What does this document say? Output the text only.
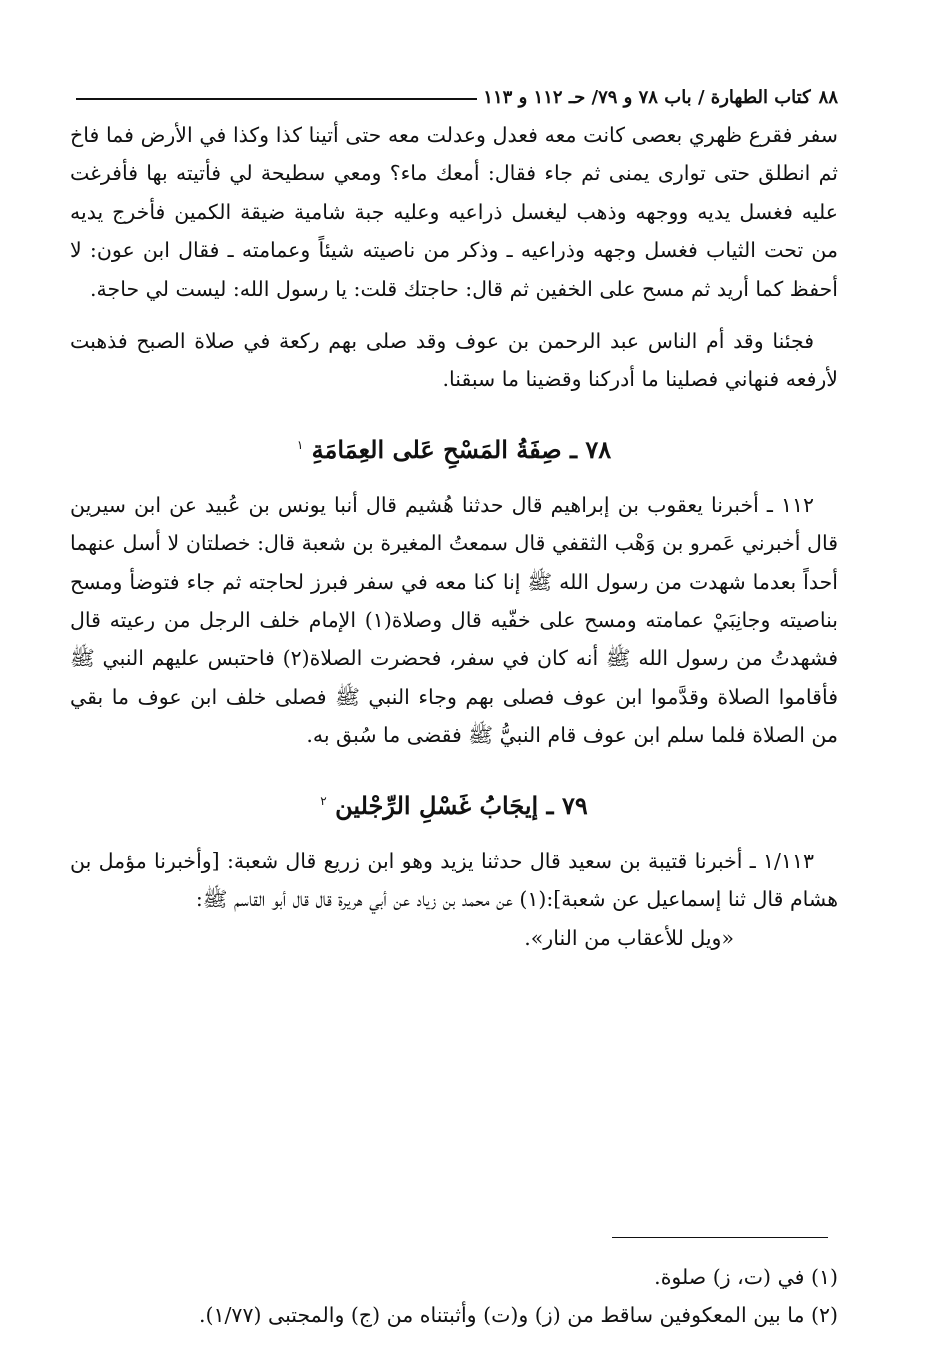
٨٨
كتاب الطهارة / باب ٧٨ و ٧٩/ حـ ١١٢ و ١١٣

سفر فقرع ظهري بعصى كانت معه فعدل وعدلت معه حتى أتينا كذا وكذا في الأرض فما فاخ ثم انطلق حتى توارى يمنى ثم جاء فقال: أمعك ماء؟ ومعي سطيحة لي فأتيته بها فأفرغت عليه فغسل يديه ووجهه وذهب ليغسل ذراعيه وعليه جبة شامية ضيقة الكمين فأخرج يديه من تحت الثياب فغسل وجهه وذراعيه ـ وذكر من ناصيته شيئاً وعمامته ـ فقال ابن عون: لا أحفظ كما أريد ثم مسح على الخفين ثم قال: حاجتك قلت: يا رسول الله: ليست لي حاجة.

فجئنا وقد أم الناس عبد الرحمن بن عوف وقد صلى بهم ركعة في صلاة الصبح فذهبت لأرفعه فنهاني فصلينا ما أدركنا وقضينا ما سبقنا.

٧٨ ـ صِفَةُ المَسْحِ عَلى العِمَامَةِ $^١$

١١٢ ـ أخبرنا يعقوب بن إبراهيم قال حدثنا هُشيم قال أنبا يونس بن عُبيد عن ابن سيرين قال أخبرني عَمرو بن وَهْب الثقفي قال سمعتُ المغيرة بن شعبة قال: خصلتان لا أسل عنهما أحداً بعدما شهدت من رسول الله ﷺ إنا كنا معه في سفر فبرز لحاجته ثم جاء فتوضأ ومسح بناصيته وجانِبَيْ عمامته ومسح على خفّيه قال وصلاة(١) الإمام خلف الرجل من رعيته قال فشهدتُ من رسول الله ﷺ أنه كان في سفر، فحضرت الصلاة(٢) فاحتبس عليهم النبي ﷺ فأقاموا الصلاة وقدَّموا ابن عوف فصلى بهم وجاء النبي ﷺ فصلى خلف ابن عوف ما بقي من الصلاة فلما سلم ابن عوف قام النبيُّ ﷺ فقضى ما سُبق به.

٧٩ ـ إيجَابُ غَسْلِ الرِّجْلين $^٢$

١/١١٣ ـ أخبرنا قتيبة بن سعيد قال حدثنا يزيد وهو ابن زريع قال شعبة: [وأخبرنا مؤمل بن هشام قال ثنا إسماعيل عن شعبة]:(١) عن محمد بن زياد عن أبي هريرة قال قال أبو القاسم ﷺ:

«ويل للأعقاب من النار».

(١) في (ت، ز) صلوة.

(٢) ما بين المعكوفين ساقط من (ز) و(ت) وأثبتناه من (ج) والمجتبى (١/٧٧).
